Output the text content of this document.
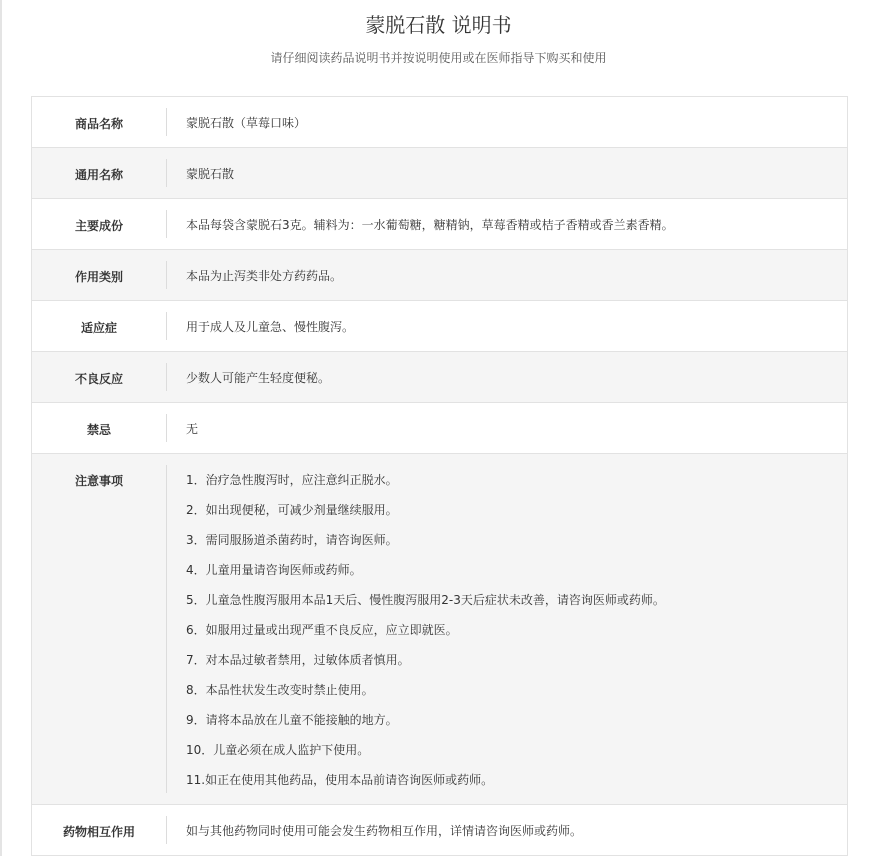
蒙脱石散 说明书
请仔细阅读药品说明书并按说明使用或在医师指导下购买和使用
商品名称	蒙脱石散（草莓口味）
通用名称	蒙脱石散
主要成份	本品每袋含蒙脱石3克。辅料为：一水葡萄糖，糖精钠，草莓香精或桔子香精或香兰素香精。
作用类别	本品为止泻类非处方药药品。
适应症	用于成人及儿童急、慢性腹泻。
不良反应	少数人可能产生轻度便秘。
禁忌	无
注意事项	1．治疗急性腹泻时，应注意纠正脱水。
2．如出现便秘，可减少剂量继续服用。
3．需同服肠道杀菌药时，请咨询医师。
4．儿童用量请咨询医师或药师。
5．儿童急性腹泻服用本品1天后、慢性腹泻服用2-3天后症状未改善，请咨询医师或药师。
6．如服用过量或出现严重不良反应，应立即就医。
7．对本品过敏者禁用，过敏体质者慎用。
8．本品性状发生改变时禁止使用。
9．请将本品放在儿童不能接触的地方。
10．儿童必须在成人监护下使用。
11.如正在使用其他药品，使用本品前请咨询医师或药师。
药物相互作用	如与其他药物同时使用可能会发生药物相互作用，详情请咨询医师或药师。
